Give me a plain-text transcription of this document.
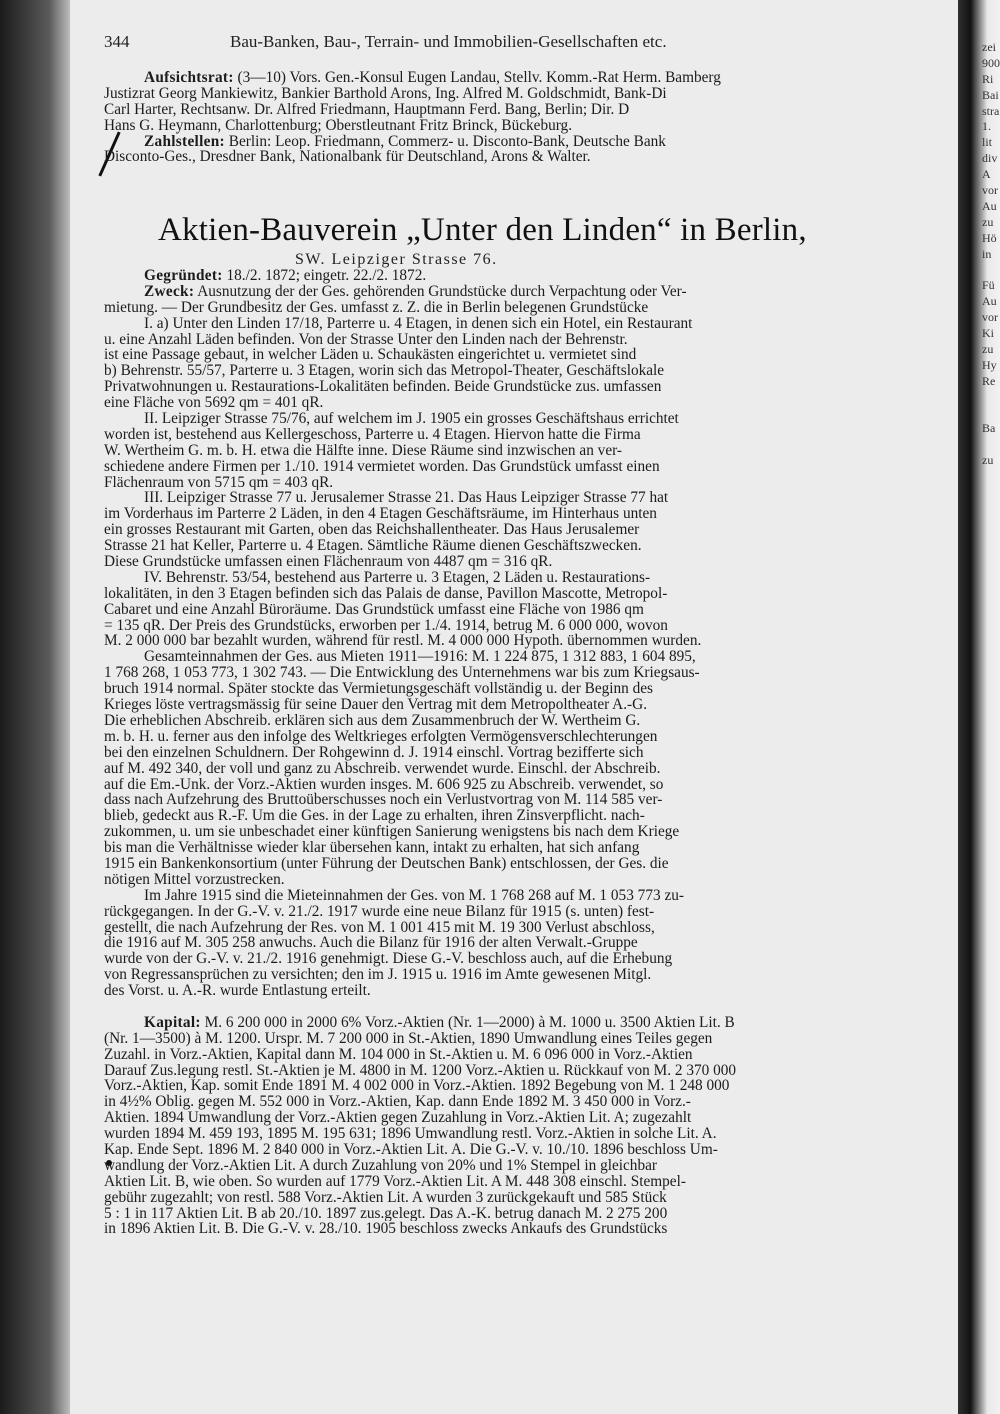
344	Bau-Banken, Bau-, Terrain- und Immobilien-Gesellschaften etc.
Aufsichtsrat: (3—10) Vors. Gen.-Konsul Eugen Landau, Stellv. Komm.-Rat Herm. Bamberg
Justizrat Georg Mankiewitz, Bankier Barthold Arons, Ing. Alfred M. Goldschmidt, Bank-Di
Carl Harter, Rechtsanw. Dr. Alfred Friedmann, Hauptmann Ferd. Bang, Berlin; Dir. D
Hans G. Heymann, Charlottenburg; Oberstleutnant Fritz Brinck, Bückeburg.
Zahlstellen: Berlin: Leop. Friedmann, Commerz- u. Disconto-Bank, Deutsche Bank
Disconto-Ges., Dresdner Bank, Nationalbank für Deutschland, Arons & Walter.
Aktien-Bauverein „Unter den Linden“ in Berlin,
SW. Leipziger Strasse 76.
Gegründet: 18./2. 1872; eingetr. 22./2. 1872.
Zweck: Ausnutzung der der Ges. gehörenden Grundstücke durch Verpachtung oder Ver-
mietung. — Der Grundbesitz der Ges. umfasst z. Z. die in Berlin belegenen Grundstücke
I. a) Unter den Linden 17/18, Parterre u. 4 Etagen, in denen sich ein Hotel, ein Restaurant
u. eine Anzahl Läden befinden. Von der Strasse Unter den Linden nach der Behrenstr.
ist eine Passage gebaut, in welcher Läden u. Schaukästen eingerichtet u. vermietet sind
b) Behrenstr. 55/57, Parterre u. 3 Etagen, worin sich das Metropol-Theater, Geschäftslokale
Privatwohnungen u. Restaurations-Lokalitäten befinden. Beide Grundstücke zus. umfassen
eine Fläche von 5692 qm = 401 qR.
II. Leipziger Strasse 75/76, auf welchem im J. 1905 ein grosses Geschäftshaus errichtet
worden ist, bestehend aus Kellergeschoss, Parterre u. 4 Etagen. Hiervon hatte die Firma
W. Wertheim G. m. b. H. etwa die Hälfte inne. Diese Räume sind inzwischen an ver-
schiedene andere Firmen per 1./10. 1914 vermietet worden. Das Grundstück umfasst einen
Flächenraum von 5715 qm = 403 qR.
III. Leipziger Strasse 77 u. Jerusalemer Strasse 21. Das Haus Leipziger Strasse 77 hat
im Vorderhaus im Parterre 2 Läden, in den 4 Etagen Geschäftsräume, im Hinterhaus unten
ein grosses Restaurant mit Garten, oben das Reichshallentheater. Das Haus Jerusalemer
Strasse 21 hat Keller, Parterre u. 4 Etagen. Sämtliche Räume dienen Geschäftszwecken.
Diese Grundstücke umfassen einen Flächenraum von 4487 qm = 316 qR.
IV. Behrenstr. 53/54, bestehend aus Parterre u. 3 Etagen, 2 Läden u. Restaurations-
lokalitäten, in den 3 Etagen befinden sich das Palais de danse, Pavillon Mascotte, Metropol-
Cabaret und eine Anzahl Büroräume. Das Grundstück umfasst eine Fläche von 1986 qm
= 135 qR. Der Preis des Grundstücks, erworben per 1./4. 1914, betrug M. 6 000 000, wovon
M. 2 000 000 bar bezahlt wurden, während für restl. M. 4 000 000 Hypoth. übernommen wurden.
Gesamteinnahmen der Ges. aus Mieten 1911—1916: M. 1 224 875, 1 312 883, 1 604 895,
1 768 268, 1 053 773, 1 302 743. — Die Entwicklung des Unternehmens war bis zum Kriegsaus-
bruch 1914 normal. Später stockte das Vermietungsgeschäft vollständig u. der Beginn des
Krieges löste vertragsmässig für seine Dauer den Vertrag mit dem Metropoltheater A.-G.
Die erheblichen Abschreib. erklären sich aus dem Zusammenbruch der W. Wertheim G.
m. b. H. u. ferner aus den infolge des Weltkrieges erfolgten Vermögensverschlechterungen
bei den einzelnen Schuldnern. Der Rohgewinn d. J. 1914 einschl. Vortrag bezifferte sich
auf M. 492 340, der voll und ganz zu Abschreib. verwendet wurde. Einschl. der Abschreib.
auf die Em.-Unk. der Vorz.-Aktien wurden insges. M. 606 925 zu Abschreib. verwendet, so
dass nach Aufzehrung des Bruttoüberschusses noch ein Verlustvortrag von M. 114 585 ver-
blieb, gedeckt aus R.-F. Um die Ges. in der Lage zu erhalten, ihren Zinsverpflicht. nach-
zukommen, u. um sie unbeschadet einer künftigen Sanierung wenigstens bis nach dem Kriege
bis man die Verhältnisse wieder klar übersehen kann, intakt zu erhalten, hat sich anfang
1915 ein Bankenkonsortium (unter Führung der Deutschen Bank) entschlossen, der Ges. die
nötigen Mittel vorzustrecken.
Im Jahre 1915 sind die Mieteinnahmen der Ges. von M. 1 768 268 auf M. 1 053 773 zu-
rückgegangen. In der G.-V. v. 21./2. 1917 wurde eine neue Bilanz für 1915 (s. unten) fest-
gestellt, die nach Aufzehrung der Res. von M. 1 001 415 mit M. 19 300 Verlust abschloss,
die 1916 auf M. 305 258 anwuchs. Auch die Bilanz für 1916 der alten Verwalt.-Gruppe
wurde von der G.-V. v. 21./2. 1916 genehmigt. Diese G.-V. beschloss auch, auf die Erhebung
von Regressansprüchen zu versichten; den im J. 1915 u. 1916 im Amte gewesenen Mitgl.
des Vorst. u. A.-R. wurde Entlastung erteilt.
Kapital: M. 6 200 000 in 2000 6% Vorz.-Aktien (Nr. 1—2000) à M. 1000 u. 3500 Aktien Lit. B
(Nr. 1—3500) à M. 1200. Urspr. M. 7 200 000 in St.-Aktien, 1890 Umwandlung eines Teiles gegen
Zuzahl. in Vorz.-Aktien, Kapital dann M. 104 000 in St.-Aktien u. M. 6 096 000 in Vorz.-Aktien
Darauf Zus.legung restl. St.-Aktien je M. 4800 in M. 1200 Vorz.-Aktien u. Rückkauf von M. 2 370 000
Vorz.-Aktien, Kap. somit Ende 1891 M. 4 002 000 in Vorz.-Aktien. 1892 Begebung von M. 1 248 000
in 4½% Oblig. gegen M. 552 000 in Vorz.-Aktien, Kap. dann Ende 1892 M. 3 450 000 in Vorz.-
Aktien. 1894 Umwandlung der Vorz.-Aktien gegen Zuzahlung in Vorz.-Aktien Lit. A; zugezahlt
wurden 1894 M. 459 193, 1895 M. 195 631; 1896 Umwandlung restl. Vorz.-Aktien in solche Lit. A.
Kap. Ende Sept. 1896 M. 2 840 000 in Vorz.-Aktien Lit. A. Die G.-V. v. 10./10. 1896 beschloss Um-
wandlung der Vorz.-Aktien Lit. A durch Zuzahlung von 20% und 1% Stempel in gleichbar
Aktien Lit. B, wie oben. So wurden auf 1779 Vorz.-Aktien Lit. A M. 448 308 einschl. Stempel-
gebühr zugezahlt; von restl. 588 Vorz.-Aktien Lit. A wurden 3 zurückgekauft und 585 Stück
5 : 1 in 117 Aktien Lit. B ab 20./10. 1897 zus.gelegt. Das A.-K. betrug danach M. 2 275 200
in 1896 Aktien Lit. B. Die G.-V. v. 28./10. 1905 beschloss zwecks Ankaufs des Grundstücks
zei
900
Ri
Bai
stra
1.
lit
div
A
vor
Au
zu
Hö
in
Fü
Au
vor
Ki
zu
Hy
Re
Ba
zu
